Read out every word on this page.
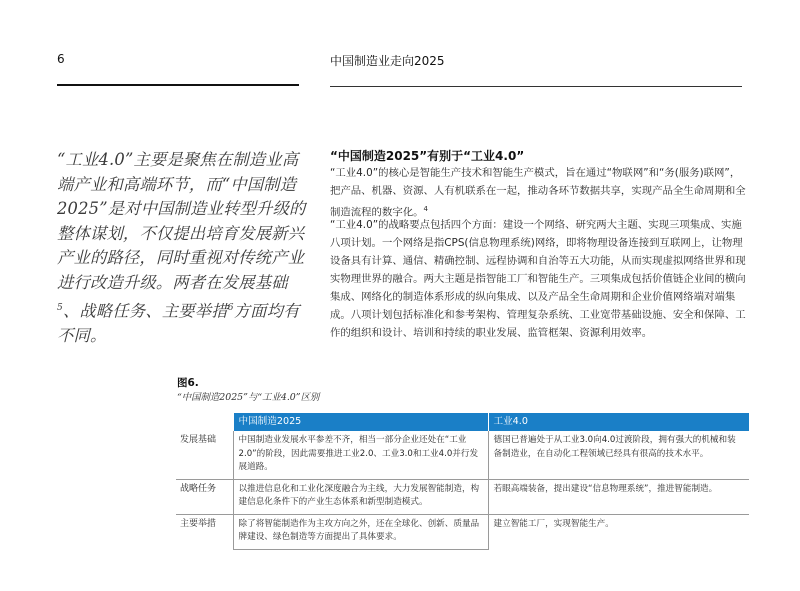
6	中国制造业走向2025
“工业4.0”主要是聚焦在制造业高端产业和高端环节，而“中国制造2025”是对中国制造业转型升级的整体谋划，不仅提出培育发展新兴产业的路径，同时重视对传统产业进行改造升级。两者在发展基础$^5$、战略任务、主要举措$^6$方面均有不同。
“中国制造2025”有别于“工业4.0”
“工业4.0”的核心是智能生产技术和智能生产模式，旨在通过“物联网”和“务(服务)联网”，把产品、机器、资源、人有机联系在一起，推动各环节数据共享，实现产品全生命周期和全制造流程的数字化。$^4$
“工业4.0”的战略要点包括四个方面：建设一个网络、研究两大主题、实现三项集成、实施八项计划。一个网络是指CPS(信息物理系统)网络，即将物理设备连接到互联网上，让物理设备具有计算、通信、精确控制、远程协调和自治等五大功能，从而实现虚拟网络世界和现实物理世界的融合。两大主题是指智能工厂和智能生产。三项集成包括价值链企业间的横向集成、网络化的制造体系形成的纵向集成、以及产品全生命周期和企业价值网络端对端集成。八项计划包括标准化和参考架构、管理复杂系统、工业宽带基础设施、安全和保障、工作的组织和设计、培训和持续的职业发展、监管框架、资源利用效率。
图6.
“中国制造2025”与“工业4.0”区别
	中国制造2025	工业4.0
发展基础	中国制造业发展水平参差不齐，相当一部分企业还处在“工业2.0”的阶段，因此需要推进工业2.0、工业3.0和工业4.0并行发展道路。	德国已普遍处于从工业3.0向4.0过渡阶段，拥有强大的机械和装备制造业，在自动化工程领域已经具有很高的技术水平。
战略任务	以推进信息化和工业化深度融合为主线，大力发展智能制造，构建信息化条件下的产业生态体系和新型制造模式。	若眼高端装备，提出建设“信息物理系统”，推进智能制造。
主要举措	除了将智能制造作为主攻方向之外，还在全球化、创新、质量品牌建设、绿色制造等方面提出了具体要求。	建立智能工厂，实现智能生产。
